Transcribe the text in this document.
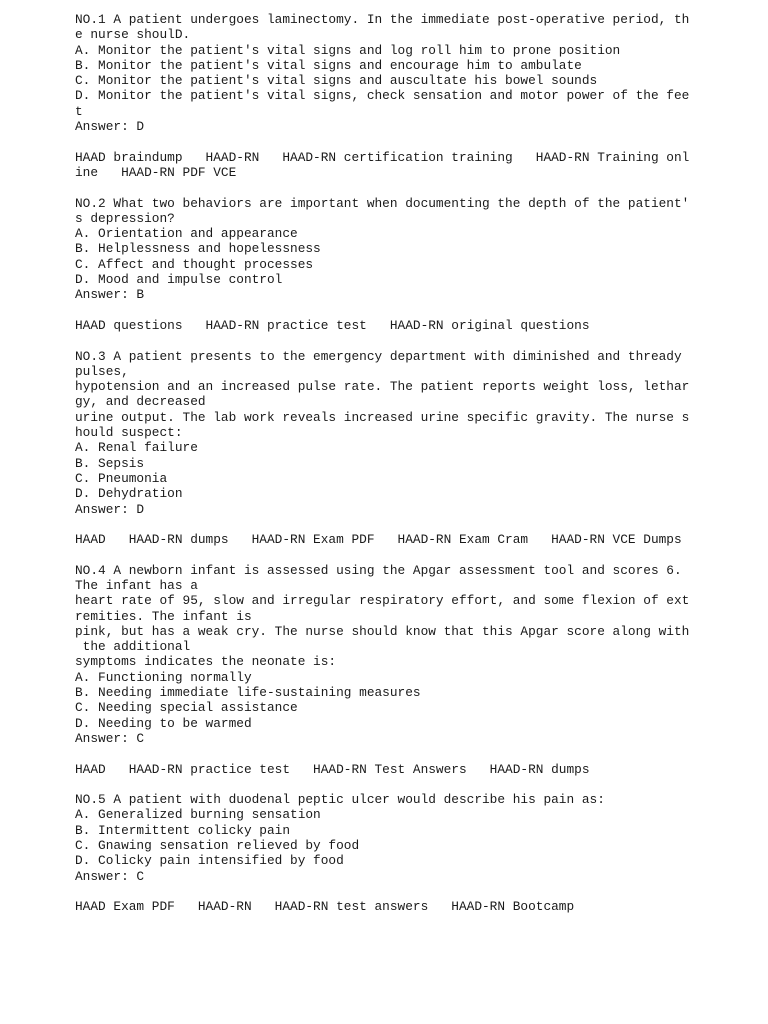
NO.1 A patient undergoes laminectomy. In the immediate post-operative period, th
e nurse shoulD.
A. Monitor the patient's vital signs and log roll him to prone position
B. Monitor the patient's vital signs and encourage him to ambulate
C. Monitor the patient's vital signs and auscultate his bowel sounds
D. Monitor the patient's vital signs, check sensation and motor power of the fee
t
Answer: D
HAAD braindump   HAAD-RN   HAAD-RN certification training   HAAD-RN Training onl
ine   HAAD-RN PDF VCE
NO.2 What two behaviors are important when documenting the depth of the patient'
s depression?
A. Orientation and appearance
B. Helplessness and hopelessness
C. Affect and thought processes
D. Mood and impulse control
Answer: B
HAAD questions   HAAD-RN practice test   HAAD-RN original questions
NO.3 A patient presents to the emergency department with diminished and thready
pulses,
hypotension and an increased pulse rate. The patient reports weight loss, lethar
gy, and decreased
urine output. The lab work reveals increased urine specific gravity. The nurse s
hould suspect:
A. Renal failure
B. Sepsis
C. Pneumonia
D. Dehydration
Answer: D
HAAD   HAAD-RN dumps   HAAD-RN Exam PDF   HAAD-RN Exam Cram   HAAD-RN VCE Dumps
NO.4 A newborn infant is assessed using the Apgar assessment tool and scores 6.
The infant has a
heart rate of 95, slow and irregular respiratory effort, and some flexion of ext
remities. The infant is
pink, but has a weak cry. The nurse should know that this Apgar score along with
the additional
symptoms indicates the neonate is:
A. Functioning normally
B. Needing immediate life-sustaining measures
C. Needing special assistance
D. Needing to be warmed
Answer: C
HAAD   HAAD-RN practice test   HAAD-RN Test Answers   HAAD-RN dumps
NO.5 A patient with duodenal peptic ulcer would describe his pain as:
A. Generalized burning sensation
B. Intermittent colicky pain
C. Gnawing sensation relieved by food
D. Colicky pain intensified by food
Answer: C
HAAD Exam PDF   HAAD-RN   HAAD-RN test answers   HAAD-RN Bootcamp
